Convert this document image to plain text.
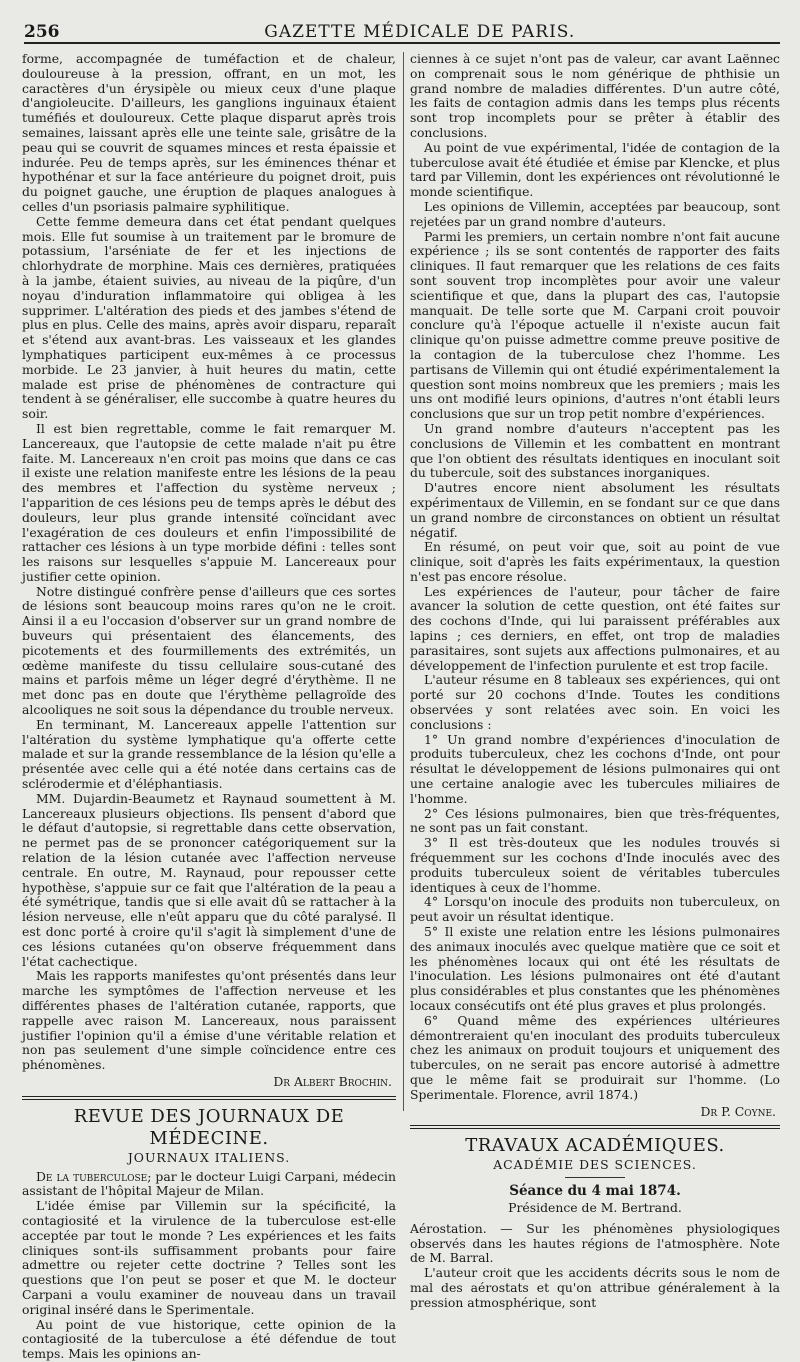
256	GAZETTE MÉDICALE DE PARIS.

forme, accompagnée de tuméfaction et de chaleur, douloureuse à la pression, offrant, en un mot, les caractères d'un érysipèle ou mieux ceux d'une plaque d'angioleucite. D'ailleurs, les ganglions inguinaux étaient tuméfiés et douloureux. Cette plaque disparut après trois semaines, laissant après elle une teinte sale, grisâtre de la peau qui se couvrit de squames minces et resta épaissie et indurée. Peu de temps après, sur les éminences thénar et hypothénar et sur la face antérieure du poignet droit, puis du poignet gauche, une éruption de plaques analogues à celles d'un psoriasis palmaire syphilitique.

Cette femme demeura dans cet état pendant quelques mois. Elle fut soumise à un traitement par le bromure de potassium, l'arséniate de fer et les injections de chlorhydrate de morphine. Mais ces dernières, pratiquées à la jambe, étaient suivies, au niveau de la piqûre, d'un noyau d'induration inflammatoire qui obligea à les supprimer. L'altération des pieds et des jambes s'étend de plus en plus. Celle des mains, après avoir disparu, reparaît et s'étend aux avant-bras. Les vaisseaux et les glandes lymphatiques participent eux-mêmes à ce processus morbide. Le 23 janvier, à huit heures du matin, cette malade est prise de phénomènes de contracture qui tendent à se généraliser, elle succombe à quatre heures du soir.

Il est bien regrettable, comme le fait remarquer M. Lancereaux, que l'autopsie de cette malade n'ait pu être faite. M. Lancereaux n'en croit pas moins que dans ce cas il existe une relation manifeste entre les lésions de la peau des membres et l'affection du système nerveux ; l'apparition de ces lésions peu de temps après le début des douleurs, leur plus grande intensité coïncidant avec l'exagération de ces douleurs et enfin l'impossibilité de rattacher ces lésions à un type morbide défini : telles sont les raisons sur lesquelles s'appuie M. Lancereaux pour justifier cette opinion.

Notre distingué confrère pense d'ailleurs que ces sortes de lésions sont beaucoup moins rares qu'on ne le croit. Ainsi il a eu l'occasion d'observer sur un grand nombre de buveurs qui présentaient des élancements, des picotements et des fourmillements des extrémités, un œdème manifeste du tissu cellulaire sous-cutané des mains et parfois même un léger degré d'érythème. Il ne met donc pas en doute que l'érythème pellagroïde des alcooliques ne soit sous la dépendance du trouble nerveux.

En terminant, M. Lancereaux appelle l'attention sur l'altération du système lymphatique qu'a offerte cette malade et sur la grande ressemblance de la lésion qu'elle a présentée avec celle qui a été notée dans certains cas de sclérodermie et d'éléphantiasis.

MM. Dujardin-Beaumetz et Raynaud soumettent à M. Lancereaux plusieurs objections. Ils pensent d'abord que le défaut d'autopsie, si regrettable dans cette observation, ne permet pas de se prononcer catégoriquement sur la relation de la lésion cutanée avec l'affection nerveuse centrale. En outre, M. Raynaud, pour repousser cette hypothèse, s'appuie sur ce fait que l'altération de la peau a été symétrique, tandis que si elle avait dû se rattacher à la lésion nerveuse, elle n'eût apparu que du côté paralysé. Il est donc porté à croire qu'il s'agit là simplement d'une de ces lésions cutanées qu'on observe fréquemment dans l'état cachectique.

Mais les rapports manifestes qu'ont présentés dans leur marche les symptômes de l'affection nerveuse et les différentes phases de l'altération cutanée, rapports, que rappelle avec raison M. Lancereaux, nous paraissent justifier l'opinion qu'il a émise d'une véritable relation et non pas seulement d'une simple coïncidence entre ces phénomènes.

Dr Albert Brochin.
REVUE DES JOURNAUX DE MÉDECINE.
JOURNAUX ITALIENS.

De la tuberculose; par le docteur Luigi Carpani, médecin assistant de l'hôpital Majeur de Milan.

L'idée émise par Villemin sur la spécificité, la contagiosité et la virulence de la tuberculose est-elle acceptée par tout le monde ? Les expériences et les faits cliniques sont-ils suffisamment probants pour faire admettre ou rejeter cette doctrine ? Telles sont les questions que l'on peut se poser et que M. le docteur Carpani a voulu examiner de nouveau dans un travail original inséré dans le Sperimentale.

Au point de vue historique, cette opinion de la contagiosité de la tuberculose a été défendue de tout temps. Mais les opinions an-

ciennes à ce sujet n'ont pas de valeur, car avant Laënnec on comprenait sous le nom générique de phthisie un grand nombre de maladies différentes. D'un autre côté, les faits de contagion admis dans les temps plus récents sont trop incomplets pour se prêter à établir des conclusions.

Au point de vue expérimental, l'idée de contagion de la tuberculose avait été étudiée et émise par Klencke, et plus tard par Villemin, dont les expériences ont révolutionné le monde scientifique.

Les opinions de Villemin, acceptées par beaucoup, sont rejetées par un grand nombre d'auteurs.

Parmi les premiers, un certain nombre n'ont fait aucune expérience ; ils se sont contentés de rapporter des faits cliniques. Il faut remarquer que les relations de ces faits sont souvent trop incomplètes pour avoir une valeur scientifique et que, dans la plupart des cas, l'autopsie manquait. De telle sorte que M. Carpani croit pouvoir conclure qu'à l'époque actuelle il n'existe aucun fait clinique qu'on puisse admettre comme preuve positive de la contagion de la tuberculose chez l'homme. Les partisans de Villemin qui ont étudié expérimentalement la question sont moins nombreux que les premiers ; mais les uns ont modifié leurs opinions, d'autres n'ont établi leurs conclusions que sur un trop petit nombre d'expériences.

Un grand nombre d'auteurs n'acceptent pas les conclusions de Villemin et les combattent en montrant que l'on obtient des résultats identiques en inoculant soit du tubercule, soit des substances inorganiques.

D'autres encore nient absolument les résultats expérimentaux de Villemin, en se fondant sur ce que dans un grand nombre de circonstances on obtient un résultat négatif.

En résumé, on peut voir que, soit au point de vue clinique, soit d'après les faits expérimentaux, la question n'est pas encore résolue.

Les expériences de l'auteur, pour tâcher de faire avancer la solution de cette question, ont été faites sur des cochons d'Inde, qui lui paraissent préférables aux lapins ; ces derniers, en effet, ont trop de maladies parasitaires, sont sujets aux affections pulmonaires, et au développement de l'infection purulente et est trop facile.

L'auteur résume en 8 tableaux ses expériences, qui ont porté sur 20 cochons d'Inde. Toutes les conditions observées y sont relatées avec soin. En voici les conclusions :

1° Un grand nombre d'expériences d'inoculation de produits tuberculeux, chez les cochons d'Inde, ont pour résultat le développement de lésions pulmonaires qui ont une certaine analogie avec les tubercules miliaires de l'homme.

2° Ces lésions pulmonaires, bien que très-fréquentes, ne sont pas un fait constant.

3° Il est très-douteux que les nodules trouvés si fréquemment sur les cochons d'Inde inoculés avec des produits tuberculeux soient de véritables tubercules identiques à ceux de l'homme.

4° Lorsqu'on inocule des produits non tuberculeux, on peut avoir un résultat identique.

5° Il existe une relation entre les lésions pulmonaires des animaux inoculés avec quelque matière que ce soit et les phénomènes locaux qui ont été les résultats de l'inoculation. Les lésions pulmonaires ont été d'autant plus considérables et plus constantes que les phénomènes locaux consécutifs ont été plus graves et plus prolongés.

6° Quand même des expériences ultérieures démontreraient qu'en inoculant des produits tuberculeux chez les animaux on produit toujours et uniquement des tubercules, on ne serait pas encore autorisé à admettre que le même fait se produirait sur l'homme. (Lo Sperimentale. Florence, avril 1874.)

Dr P. Coyne.
TRAVAUX ACADÉMIQUES.
ACADÉMIE DES SCIENCES.
Séance du 4 mai 1874.
Présidence de M. Bertrand.

Aérostation. — Sur les phénomènes physiologiques observés dans les hautes régions de l'atmosphère. Note de M. Barral.

L'auteur croit que les accidents décrits sous le nom de mal des aérostats et qu'on attribue généralement à la pression atmosphérique, sont
